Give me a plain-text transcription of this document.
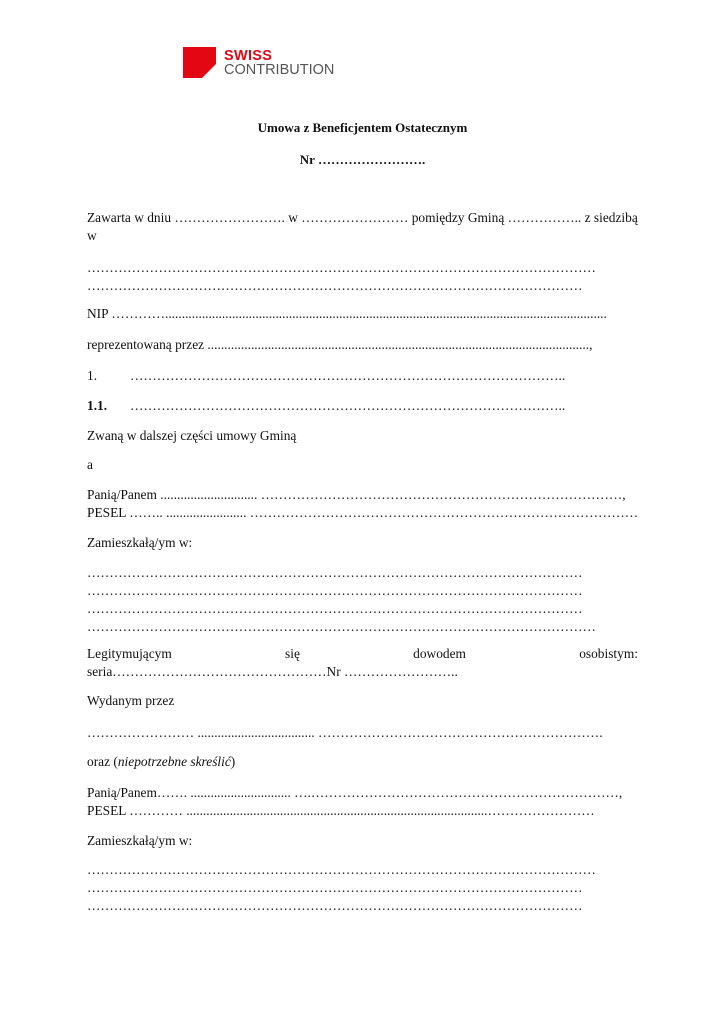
SWISS
CONTRIBUTION
Umowa z Beneficjentem Ostatecznym
Nr …………………….
Zawarta w dniu ……………………. w …………………… pomiędzy Gminą …………….. z siedzibą
w
……………………………………………………………………………………………………
…………………………………………………………………………………………………
NIP …………....................................................................................................................................
reprezentowaną przez ..................................................................................................................,
1. ……………………………………………………………………………………..
1.1. ……………………………………………………………………………………..
Zwaną w dalszej części umowy Gminą
a
Panią/Panem ............................. ………………………………………………………………………,
PESEL …….. ........................ ……………………………………………………………………………
Zamieszkałą/ym w:
…………………………………………………………………………………………………
…………………………………………………………………………………………………
…………………………………………………………………………………………………
……………………………………………………………………………………………………
Legitymującym	się	dowodem	osobistym:
seria…………………………………………Nr ……………………..
Wydanym przez
…………………… ................................... ……………………………………………………….
oraz (niepotrzebne skreślić)
Panią/Panem……. .............................. ….……………………………………………………………,
PESEL ………… ..........................................................................................……………………
Zamieszkałą/ym w:
……………………………………………………………………………………………………
…………………………………………………………………………………………………
…………………………………………………………………………………………………
